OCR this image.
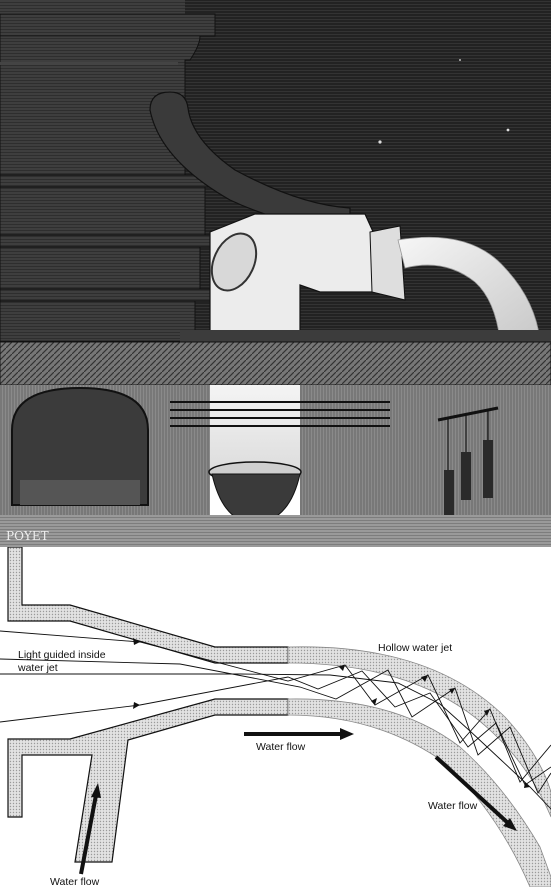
POYET
Light guided inside
water jet
Hollow water jet
Water flow
Water flow
Water flow
